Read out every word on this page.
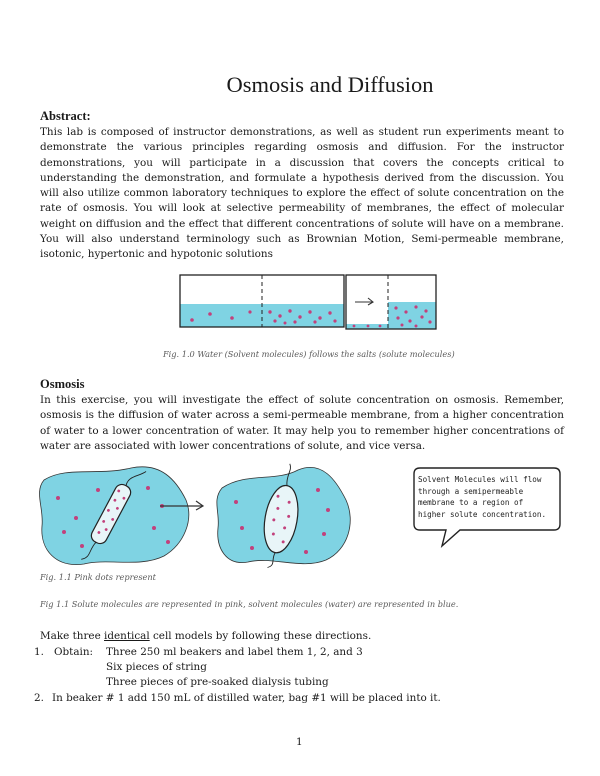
Osmosis and Diffusion
Abstract:
This lab is composed of instructor demonstrations, as well as student run experiments meant to demonstrate the various principles regarding osmosis and diffusion. For the instructor demonstrations, you will participate in a discussion that covers the concepts critical to understanding the demonstration, and formulate a hypothesis derived from the discussion. You will also utilize common laboratory techniques to explore the effect of solute concentration on the rate of osmosis. You will look at selective permeability of membranes, the effect of molecular weight on diffusion and the effect that different concentrations of solute will have on a membrane. You will also understand terminology such as Brownian Motion, Semi-permeable membrane, isotonic, hypertonic and hypotonic solutions
Fig. 1.0 Water (Solvent molecules) follows the salts (solute molecules)
Osmosis
In this exercise, you will investigate the effect of solute concentration on osmosis. Remember, osmosis is the diffusion of water across a semi-permeable membrane, from a higher concentration of water to a lower concentration of water. It may help you to remember higher concentrations of water are associated with lower concentrations of solute, and vice versa.
Solvent Molecules will flow
through a semipermeable
membrane to a region of
higher solute concentration.
Fig. 1.1 Pink dots represent
Fig 1.1 Solute molecules are represented in pink, solvent molecules (water) are represented in blue.
Make three identical cell models by following these directions.
1. Obtain: Three 250 ml beakers and label them 1, 2, and 3
Six pieces of string
Three pieces of pre-soaked dialysis tubing
2. In beaker # 1 add 150 mL of distilled water, bag #1 will be placed into it.
1
